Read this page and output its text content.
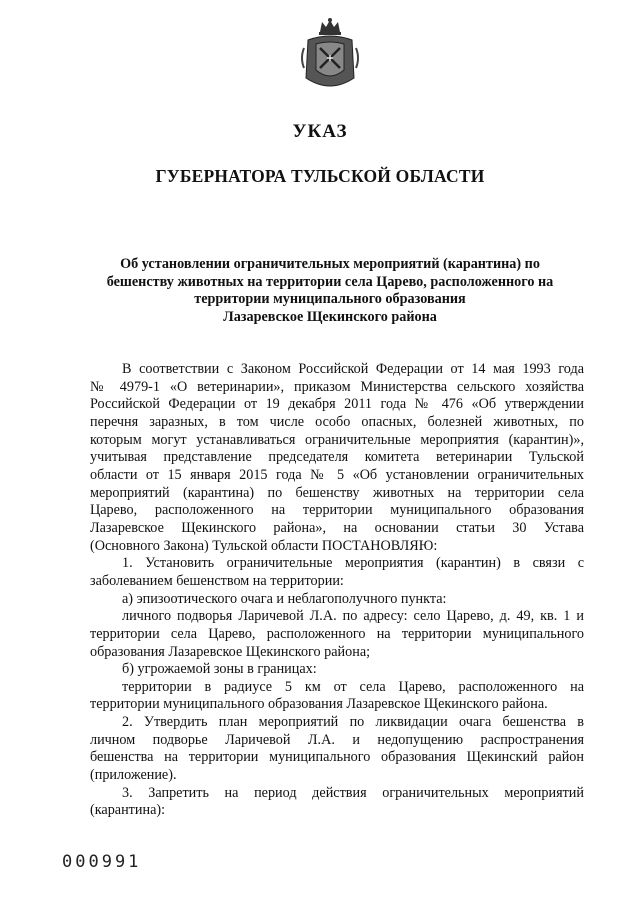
УКАЗ
ГУБЕРНАТОРА ТУЛЬСКОЙ ОБЛАСТИ
Об установлении ограничительных мероприятий (карантина) по
бешенству животных на территории села Царево, расположенного на
территории муниципального образования
Лазаревское Щекинского района
В соответствии с Законом Российской Федерации от 14 мая 1993 года
№ 4979-1 «О ветеринарии», приказом Министерства сельского хозяйства
Российской Федерации от 19 декабря 2011 года № 476 «Об утверждении
перечня заразных, в том числе особо опасных, болезней животных, по
которым могут устанавливаться ограничительные мероприятия (карантин)»,
учитывая представление председателя комитета ветеринарии Тульской
области от 15 января 2015 года № 5 «Об установлении ограничительных
мероприятий (карантина) по бешенству животных на территории села
Царево, расположенного на территории муниципального образования
Лазаревское Щекинского района», на основании статьи 30 Устава
(Основного Закона) Тульской области ПОСТАНОВЛЯЮ:
1. Установить ограничительные мероприятия (карантин) в связи с
заболеванием бешенством на территории:
а) эпизоотического очага и неблагополучного пункта:
личного подворья Ларичевой Л.А. по адресу: село Царево, д. 49, кв. 1 и
территории села Царево, расположенного на территории муниципального
образования Лазаревское Щекинского района;
б) угрожаемой зоны в границах:
территории в радиусе 5 км от села Царево, расположенного на
территории муниципального образования Лазаревское Щекинского района.
2. Утвердить план мероприятий по ликвидации очага бешенства в
личном подворье Ларичевой Л.А. и недопущению распространения
бешенства на территории муниципального образования Щекинский район
(приложение).
3. Запретить на период действия ограничительных мероприятий
(карантина):
000991
